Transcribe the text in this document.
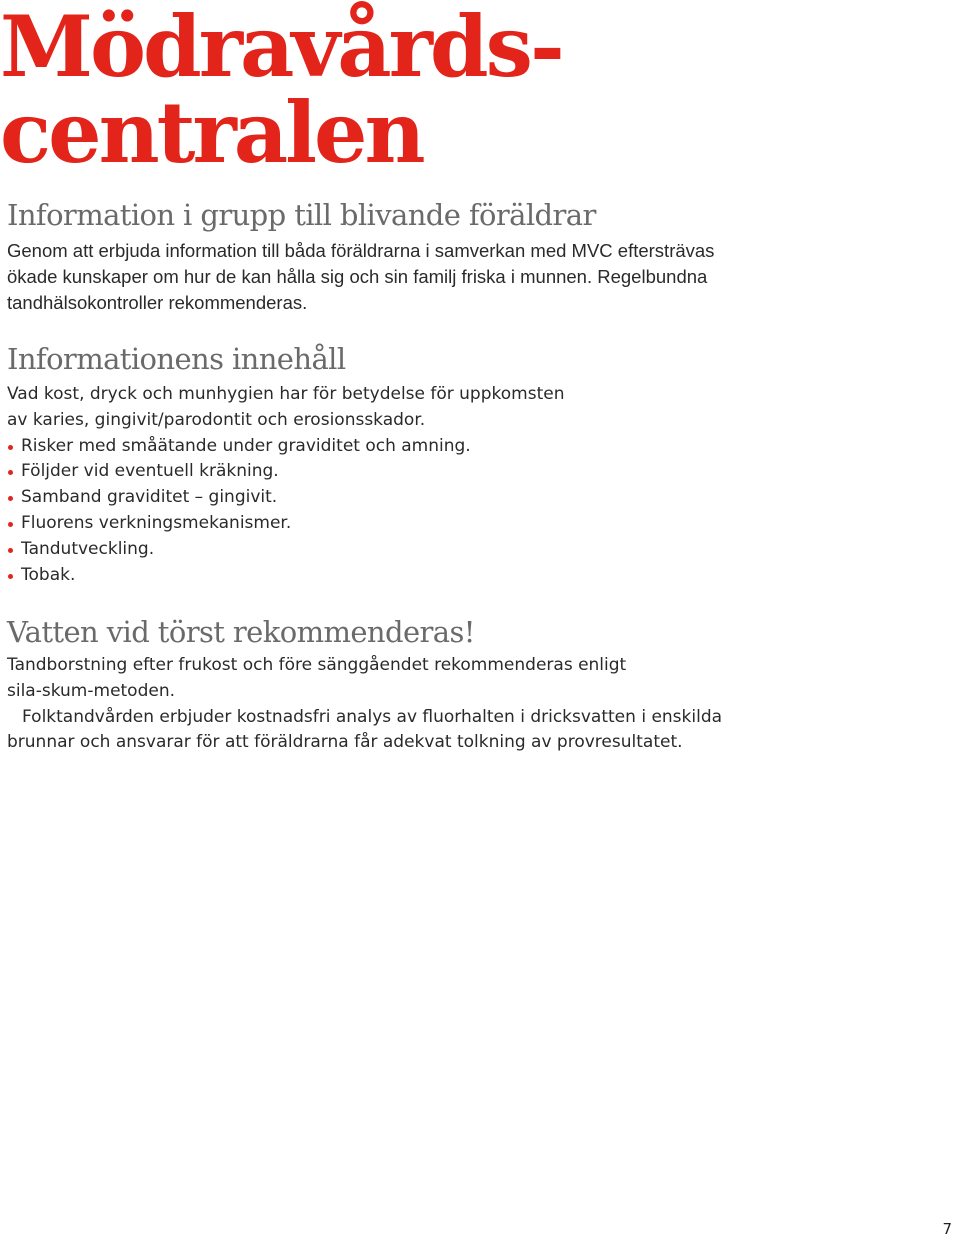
Mödravårds-
centralen
Information i grupp till blivande föräldrar

Genom att erbjuda information till båda föräldrarna i samverkan med MVC eftersträvas

ökade kunskaper om hur de kan hålla sig och sin familj friska i munnen. Regelbundna

tandhälsokontroller rekommenderas.

Informationens innehåll

Vad kost, dryck och munhygien har för betydelse för uppkomsten

av karies, gingivit/parodontit och erosionsskador.

Risker med småätande under graviditet och amning.
Följder vid eventuell kräkning.
Samband graviditet – gingivit.
Fluorens verkningsmekanismer.
Tandutveckling.
Tobak.
Vatten vid törst rekommenderas!

Tandborstning efter frukost och före sänggåendet rekommenderas enligt

sila-skum-metoden.

Folktandvården erbjuder kostnadsfri analys av fluorhalten i dricksvatten i enskilda

brunnar och ansvarar för att föräldrarna får adekvat tolkning av provresultatet.

7
